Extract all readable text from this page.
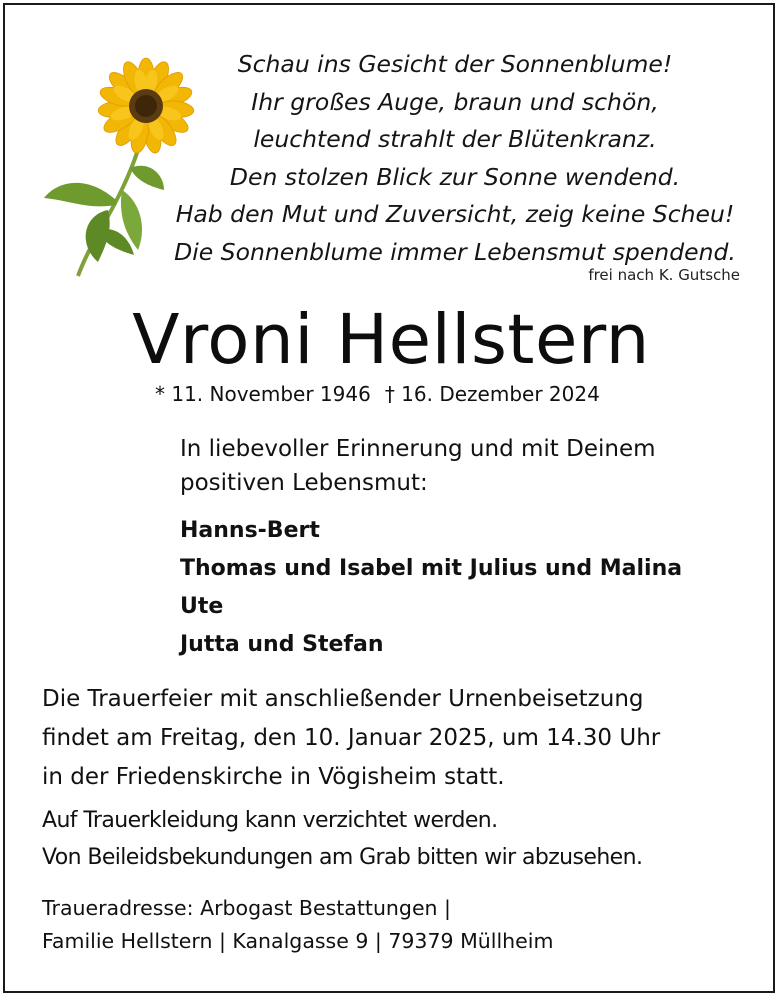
Schau ins Gesicht der Sonnenblume!
Ihr großes Auge, braun und schön,
leuchtend strahlt der Blütenkranz.
Den stolzen Blick zur Sonne wendend.
Hab den Mut und Zuversicht, zeig keine Scheu!
Die Sonnenblume immer Lebensmut spendend.
frei nach K. Gutsche
Vroni Hellstern
* 11. November 1946 † 16. Dezember 2024
In liebevoller Erinnerung und mit Deinem
positiven Lebensmut:
Hanns-Bert
Thomas und Isabel mit Julius und Malina
Ute
Jutta und Stefan
Die Trauerfeier mit anschließender Urnenbeisetzung
findet am Freitag, den 10. Januar 2025, um 14.30 Uhr
in der Friedenskirche in Vögisheim statt.
Auf Trauerkleidung kann verzichtet werden.
Von Beileidsbekundungen am Grab bitten wir abzusehen.
Traueradresse: Arbogast Bestattungen |
Familie Hellstern | Kanalgasse 9 | 79379 Müllheim
